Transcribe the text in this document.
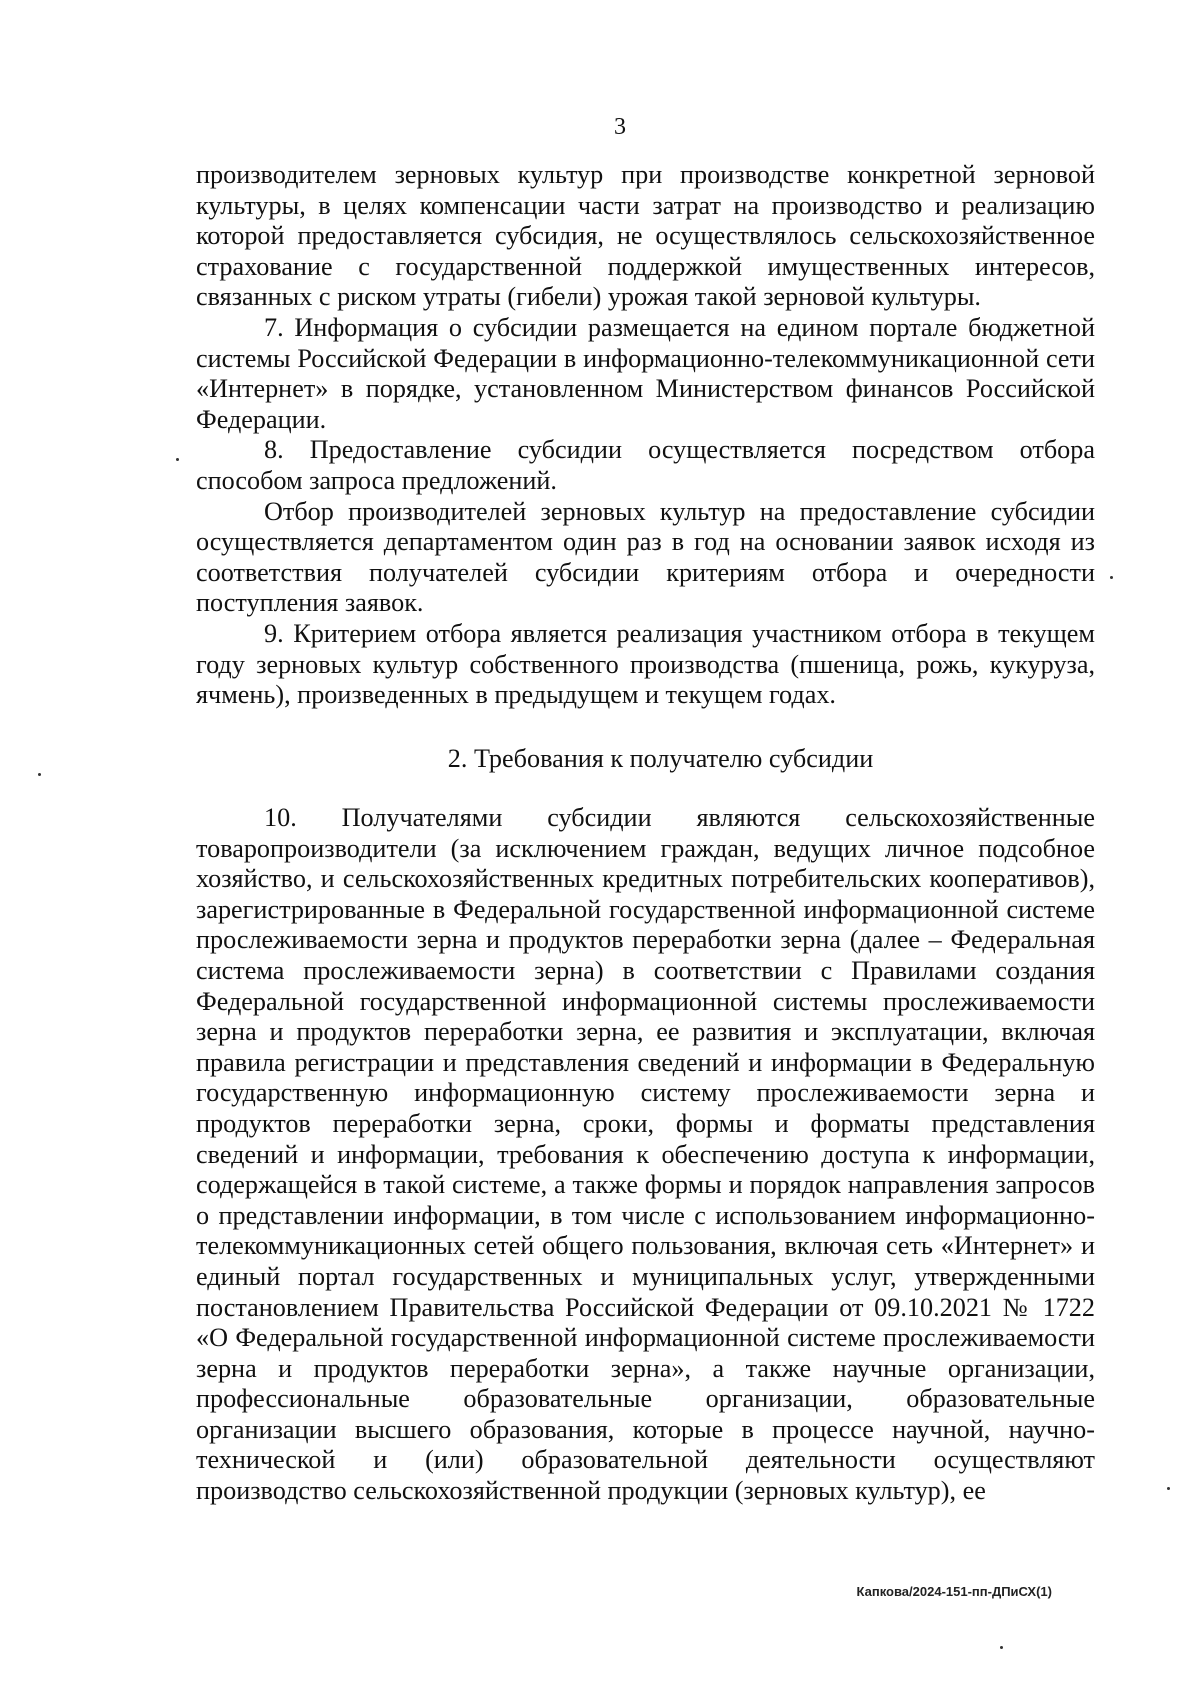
3

производителем зерновых культур при производстве конкретной зерновой культуры, в целях компенсации части затрат на производство и реализацию которой предоставляется субсидия, не осуществлялось сельскохозяйственное страхование с государственной поддержкой имущественных интересов, связанных с риском утраты (гибели) урожая такой зерновой культуры.

7. Информация о субсидии размещается на едином портале бюджетной системы Российской Федерации в информационно-телекоммуникационной сети «Интернет» в порядке, установленном Министерством финансов Российской Федерации.

8. Предоставление субсидии осуществляется посредством отбора способом запроса предложений.

Отбор производителей зерновых культур на предоставление субсидии осуществляется департаментом один раз в год на основании заявок исходя из соответствия получателей субсидии критериям отбора и очередности поступления заявок.

9. Критерием отбора является реализация участником отбора в текущем году зерновых культур собственного производства (пшеница, рожь, кукуруза, ячмень), произведенных в предыдущем и текущем годах.

2. Требования к получателю субсидии

10. Получателями субсидии являются сельскохозяйственные товаропроизводители (за исключением граждан, ведущих личное подсобное хозяйство, и сельскохозяйственных кредитных потребительских кооперативов), зарегистрированные в Федеральной государственной информационной системе прослеживаемости зерна и продуктов переработки зерна (далее – Федеральная система прослеживаемости зерна) в соответствии с Правилами создания Федеральной государственной информационной системы прослеживаемости зерна и продуктов переработки зерна, ее развития и эксплуатации, включая правила регистрации и представления сведений и информации в Федеральную государственную информационную систему прослеживаемости зерна и продуктов переработки зерна, сроки, формы и форматы представления сведений и информации, требования к обеспечению доступа к информации, содержащейся в такой системе, а также формы и порядок направления запросов о представлении информации, в том числе с использованием информационно-телекоммуникационных сетей общего пользования, включая сеть «Интернет» и единый портал государственных и муниципальных услуг, утвержденными постановлением Правительства Российской Федерации от 09.10.2021 № 1722 «О Федеральной государственной информационной системе прослеживаемости зерна и продуктов переработки зерна», а также научные организации, профессиональные образовательные организации, образовательные организации высшего образования, которые в процессе научной, научно-технической и (или) образовательной деятельности осуществляют производство сельскохозяйственной продукции (зерновых культур), ее

Капкова/2024-151-пп-ДПиСХ(1)
